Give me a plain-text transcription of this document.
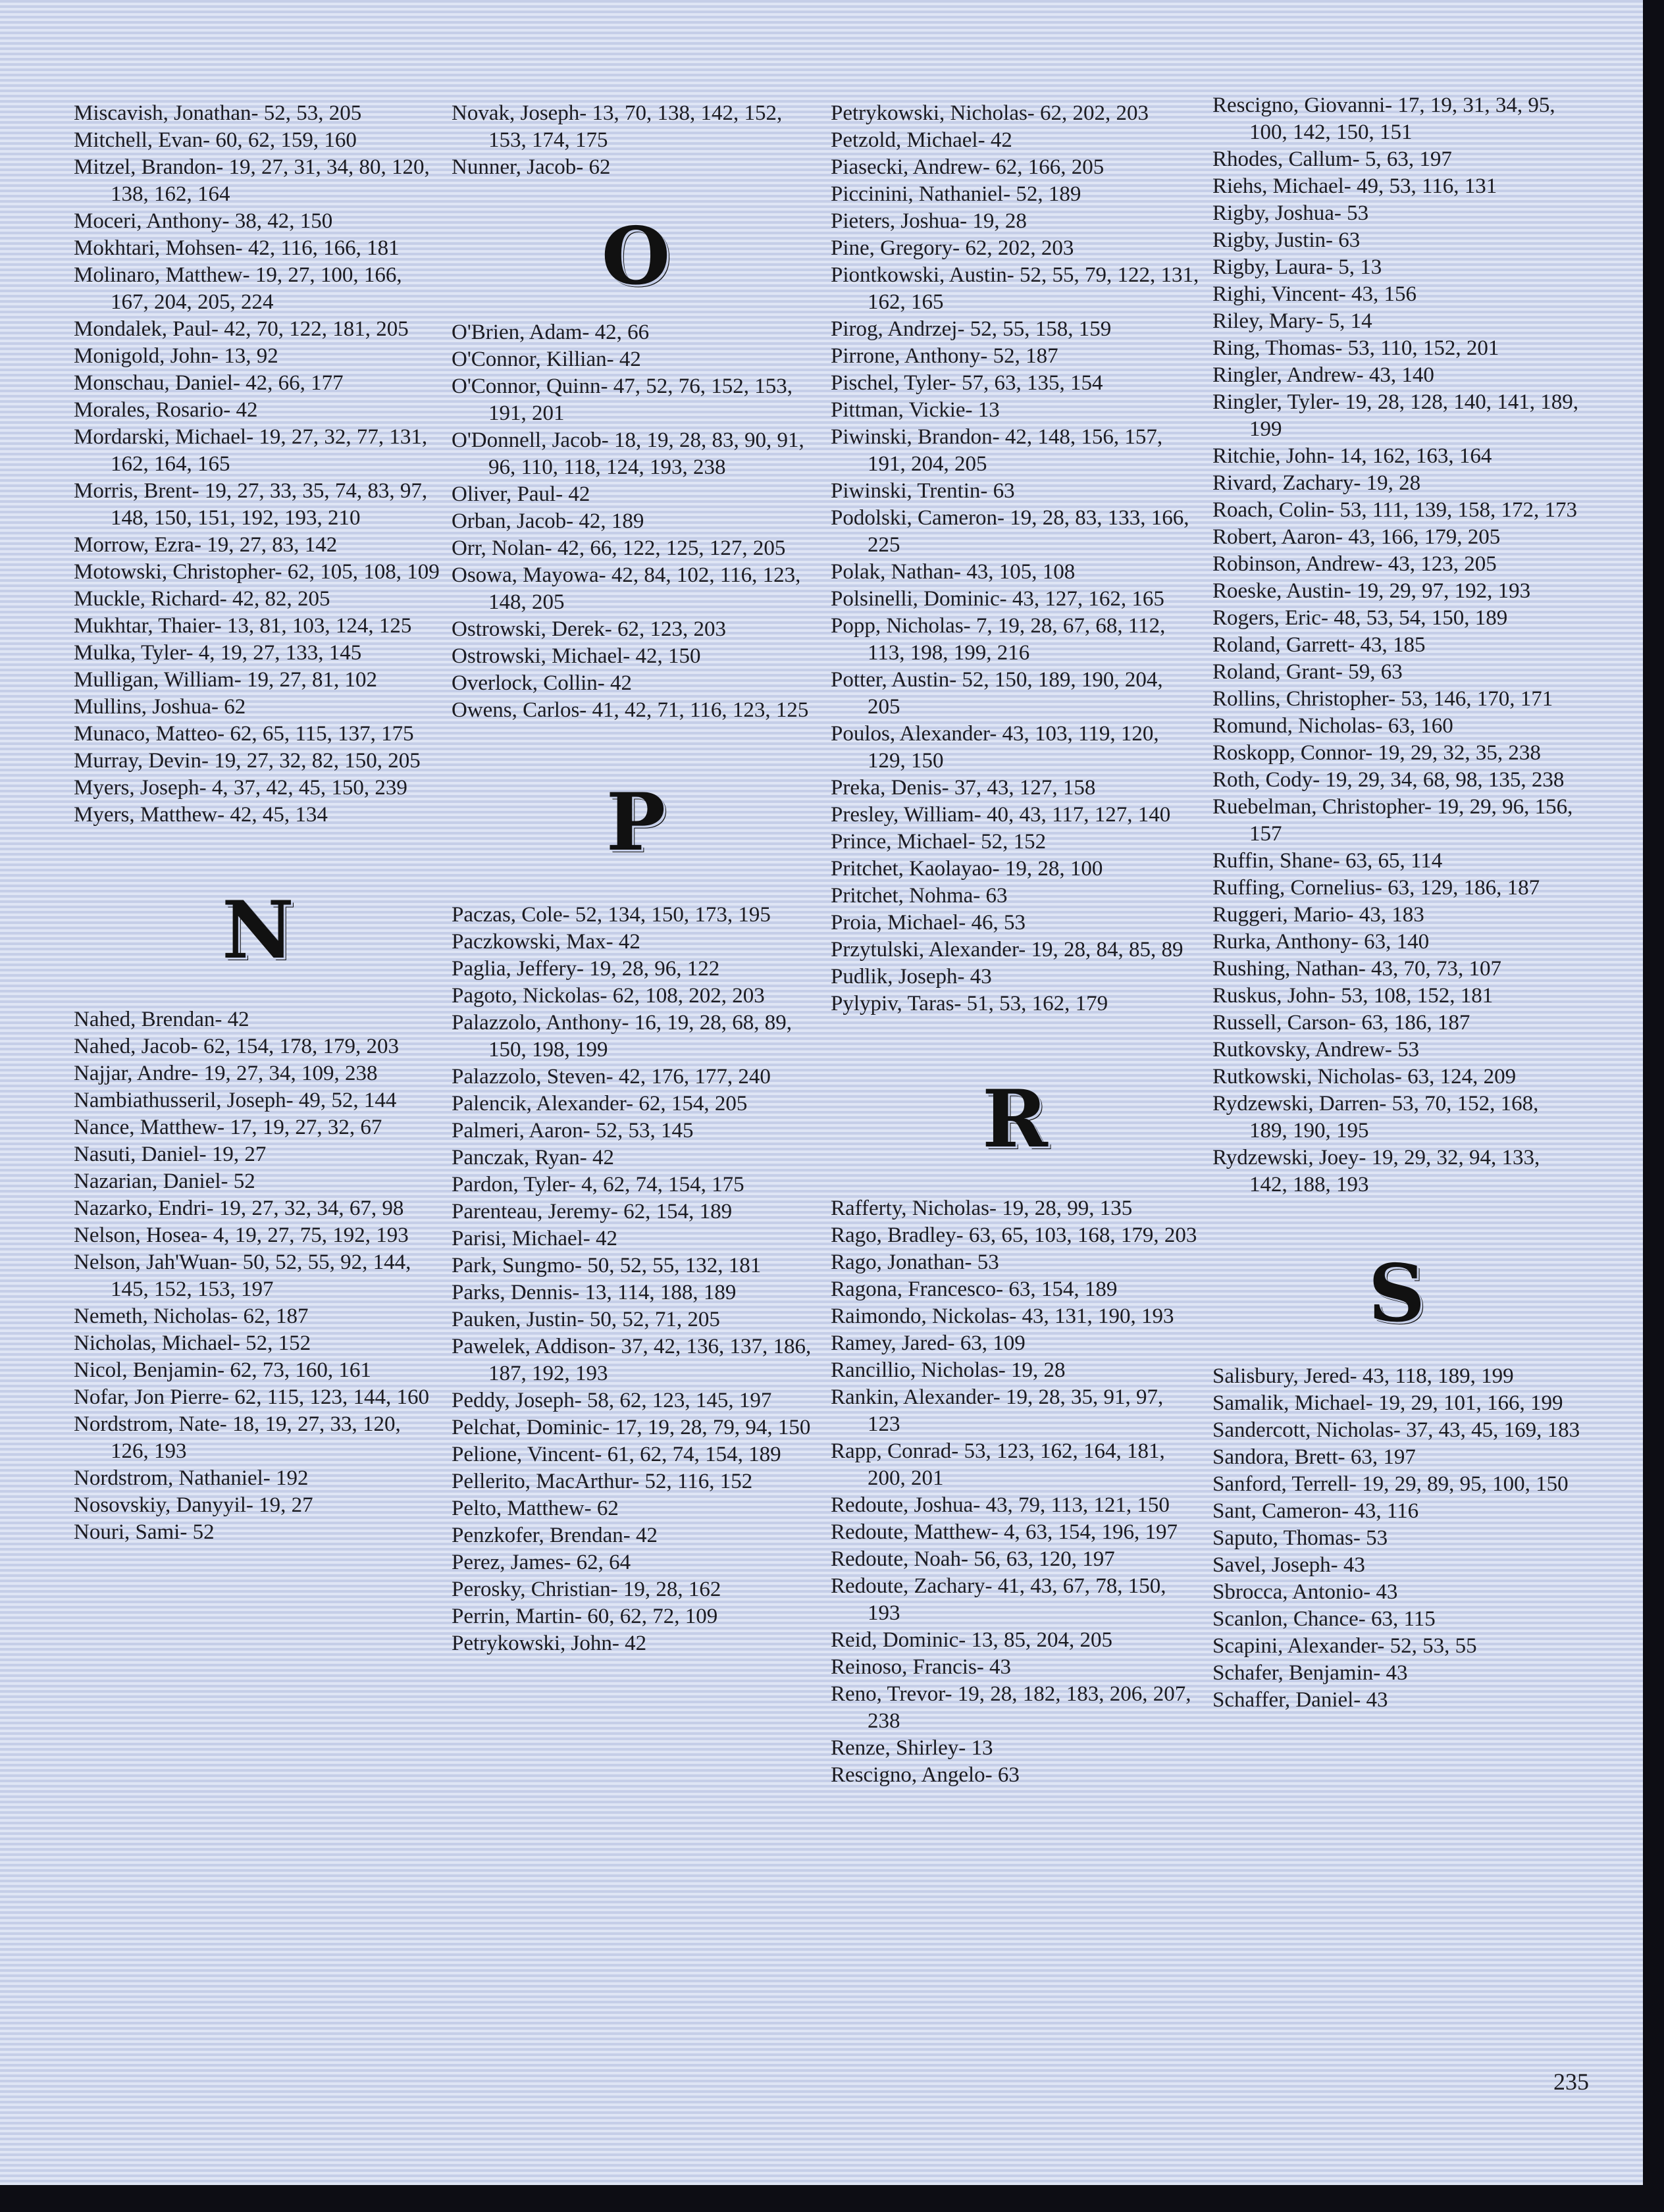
Miscavish, Jonathan- 52, 53, 205
Mitchell, Evan- 60, 62, 159, 160
Mitzel, Brandon- 19, 27, 31, 34, 80, 120, 138, 162, 164
Moceri, Anthony- 38, 42, 150
Mokhtari, Mohsen- 42, 116, 166, 181
Molinaro, Matthew- 19, 27, 100, 166, 167, 204, 205, 224
Mondalek, Paul- 42, 70, 122, 181, 205
Monigold, John- 13, 92
Monschau, Daniel- 42, 66, 177
Morales, Rosario- 42
Mordarski, Michael- 19, 27, 32, 77, 131, 162, 164, 165
Morris, Brent- 19, 27, 33, 35, 74, 83, 97, 148, 150, 151, 192, 193, 210
Morrow, Ezra- 19, 27, 83, 142
Motowski, Christopher- 62, 105, 108, 109
Muckle, Richard- 42, 82, 205
Mukhtar, Thaier- 13, 81, 103, 124, 125
Mulka, Tyler- 4, 19, 27, 133, 145
Mulligan, William- 19, 27, 81, 102
Mullins, Joshua- 62
Munaco, Matteo- 62, 65, 115, 137, 175
Murray, Devin- 19, 27, 32, 82, 150, 205
Myers, Joseph- 4, 37, 42, 45, 150, 239
Myers, Matthew- 42, 45, 134
N
Nahed, Brendan- 42
Nahed, Jacob- 62, 154, 178, 179, 203
Najjar, Andre- 19, 27, 34, 109, 238
Nambiathusseril, Joseph- 49, 52, 144
Nance, Matthew- 17, 19, 27, 32, 67
Nasuti, Daniel- 19, 27
Nazarian, Daniel- 52
Nazarko, Endri- 19, 27, 32, 34, 67, 98
Nelson, Hosea- 4, 19, 27, 75, 192, 193
Nelson, Jah'Wuan- 50, 52, 55, 92, 144, 145, 152, 153, 197
Nemeth, Nicholas- 62, 187
Nicholas, Michael- 52, 152
Nicol, Benjamin- 62, 73, 160, 161
Nofar, Jon Pierre- 62, 115, 123, 144, 160
Nordstrom, Nate- 18, 19, 27, 33, 120, 126, 193
Nordstrom, Nathaniel- 192
Nosovskiy, Danyyil- 19, 27
Nouri, Sami- 52
Novak, Joseph- 13, 70, 138, 142, 152, 153, 174, 175
Nunner, Jacob- 62
O
O'Brien, Adam- 42, 66
O'Connor, Killian- 42
O'Connor, Quinn- 47, 52, 76, 152, 153, 191, 201
O'Donnell, Jacob- 18, 19, 28, 83, 90, 91, 96, 110, 118, 124, 193, 238
Oliver, Paul- 42
Orban, Jacob- 42, 189
Orr, Nolan- 42, 66, 122, 125, 127, 205
Osowa, Mayowa- 42, 84, 102, 116, 123, 148, 205
Ostrowski, Derek- 62, 123, 203
Ostrowski, Michael- 42, 150
Overlock, Collin- 42
Owens, Carlos- 41, 42, 71, 116, 123, 125
P
Paczas, Cole- 52, 134, 150, 173, 195
Paczkowski, Max- 42
Paglia, Jeffery- 19, 28, 96, 122
Pagoto, Nickolas- 62, 108, 202, 203
Palazzolo, Anthony- 16, 19, 28, 68, 89, 150, 198, 199
Palazzolo, Steven- 42, 176, 177, 240
Palencik, Alexander- 62, 154, 205
Palmeri, Aaron- 52, 53, 145
Panczak, Ryan- 42
Pardon, Tyler- 4, 62, 74, 154, 175
Parenteau, Jeremy- 62, 154, 189
Parisi, Michael- 42
Park, Sungmo- 50, 52, 55, 132, 181
Parks, Dennis- 13, 114, 188, 189
Pauken, Justin- 50, 52, 71, 205
Pawelek, Addison- 37, 42, 136, 137, 186, 187, 192, 193
Peddy, Joseph- 58, 62, 123, 145, 197
Pelchat, Dominic- 17, 19, 28, 79, 94, 150
Pelione, Vincent- 61, 62, 74, 154, 189
Pellerito, MacArthur- 52, 116, 152
Pelto, Matthew- 62
Penzkofer, Brendan- 42
Perez, James- 62, 64
Perosky, Christian- 19, 28, 162
Perrin, Martin- 60, 62, 72, 109
Petrykowski, John- 42
Petrykowski, Nicholas- 62, 202, 203
Petzold, Michael- 42
Piasecki, Andrew- 62, 166, 205
Piccinini, Nathaniel- 52, 189
Pieters, Joshua- 19, 28
Pine, Gregory- 62, 202, 203
Piontkowski, Austin- 52, 55, 79, 122, 131, 162, 165
Pirog, Andrzej- 52, 55, 158, 159
Pirrone, Anthony- 52, 187
Pischel, Tyler- 57, 63, 135, 154
Pittman, Vickie- 13
Piwinski, Brandon- 42, 148, 156, 157, 191, 204, 205
Piwinski, Trentin- 63
Podolski, Cameron- 19, 28, 83, 133, 166, 225
Polak, Nathan- 43, 105, 108
Polsinelli, Dominic- 43, 127, 162, 165
Popp, Nicholas- 7, 19, 28, 67, 68, 112, 113, 198, 199, 216
Potter, Austin- 52, 150, 189, 190, 204, 205
Poulos, Alexander- 43, 103, 119, 120, 129, 150
Preka, Denis- 37, 43, 127, 158
Presley, William- 40, 43, 117, 127, 140
Prince, Michael- 52, 152
Pritchet, Kaolayao- 19, 28, 100
Pritchet, Nohma- 63
Proia, Michael- 46, 53
Przytulski, Alexander- 19, 28, 84, 85, 89
Pudlik, Joseph- 43
Pylypiv, Taras- 51, 53, 162, 179
R
Rafferty, Nicholas- 19, 28, 99, 135
Rago, Bradley- 63, 65, 103, 168, 179, 203
Rago, Jonathan- 53
Ragona, Francesco- 63, 154, 189
Raimondo, Nickolas- 43, 131, 190, 193
Ramey, Jared- 63, 109
Rancillio, Nicholas- 19, 28
Rankin, Alexander- 19, 28, 35, 91, 97, 123
Rapp, Conrad- 53, 123, 162, 164, 181, 200, 201
Redoute, Joshua- 43, 79, 113, 121, 150
Redoute, Matthew- 4, 63, 154, 196, 197
Redoute, Noah- 56, 63, 120, 197
Redoute, Zachary- 41, 43, 67, 78, 150, 193
Reid, Dominic- 13, 85, 204, 205
Reinoso, Francis- 43
Reno, Trevor- 19, 28, 182, 183, 206, 207, 238
Renze, Shirley- 13
Rescigno, Angelo- 63
Rescigno, Giovanni- 17, 19, 31, 34, 95, 100, 142, 150, 151
Rhodes, Callum- 5, 63, 197
Riehs, Michael- 49, 53, 116, 131
Rigby, Joshua- 53
Rigby, Justin- 63
Rigby, Laura- 5, 13
Righi, Vincent- 43, 156
Riley, Mary- 5, 14
Ring, Thomas- 53, 110, 152, 201
Ringler, Andrew- 43, 140
Ringler, Tyler- 19, 28, 128, 140, 141, 189, 199
Ritchie, John- 14, 162, 163, 164
Rivard, Zachary- 19, 28
Roach, Colin- 53, 111, 139, 158, 172, 173
Robert, Aaron- 43, 166, 179, 205
Robinson, Andrew- 43, 123, 205
Roeske, Austin- 19, 29, 97, 192, 193
Rogers, Eric- 48, 53, 54, 150, 189
Roland, Garrett- 43, 185
Roland, Grant- 59, 63
Rollins, Christopher- 53, 146, 170, 171
Romund, Nicholas- 63, 160
Roskopp, Connor- 19, 29, 32, 35, 238
Roth, Cody- 19, 29, 34, 68, 98, 135, 238
Ruebelman, Christopher- 19, 29, 96, 156, 157
Ruffin, Shane- 63, 65, 114
Ruffing, Cornelius- 63, 129, 186, 187
Ruggeri, Mario- 43, 183
Rurka, Anthony- 63, 140
Rushing, Nathan- 43, 70, 73, 107
Ruskus, John- 53, 108, 152, 181
Russell, Carson- 63, 186, 187
Rutkovsky, Andrew- 53
Rutkowski, Nicholas- 63, 124, 209
Rydzewski, Darren- 53, 70, 152, 168, 189, 190, 195
Rydzewski, Joey- 19, 29, 32, 94, 133, 142, 188, 193
S
Salisbury, Jered- 43, 118, 189, 199
Samalik, Michael- 19, 29, 101, 166, 199
Sandercott, Nicholas- 37, 43, 45, 169, 183
Sandora, Brett- 63, 197
Sanford, Terrell- 19, 29, 89, 95, 100, 150
Sant, Cameron- 43, 116
Saputo, Thomas- 53
Savel, Joseph- 43
Sbrocca, Antonio- 43
Scanlon, Chance- 63, 115
Scapini, Alexander- 52, 53, 55
Schafer, Benjamin- 43
Schaffer, Daniel- 43
235
